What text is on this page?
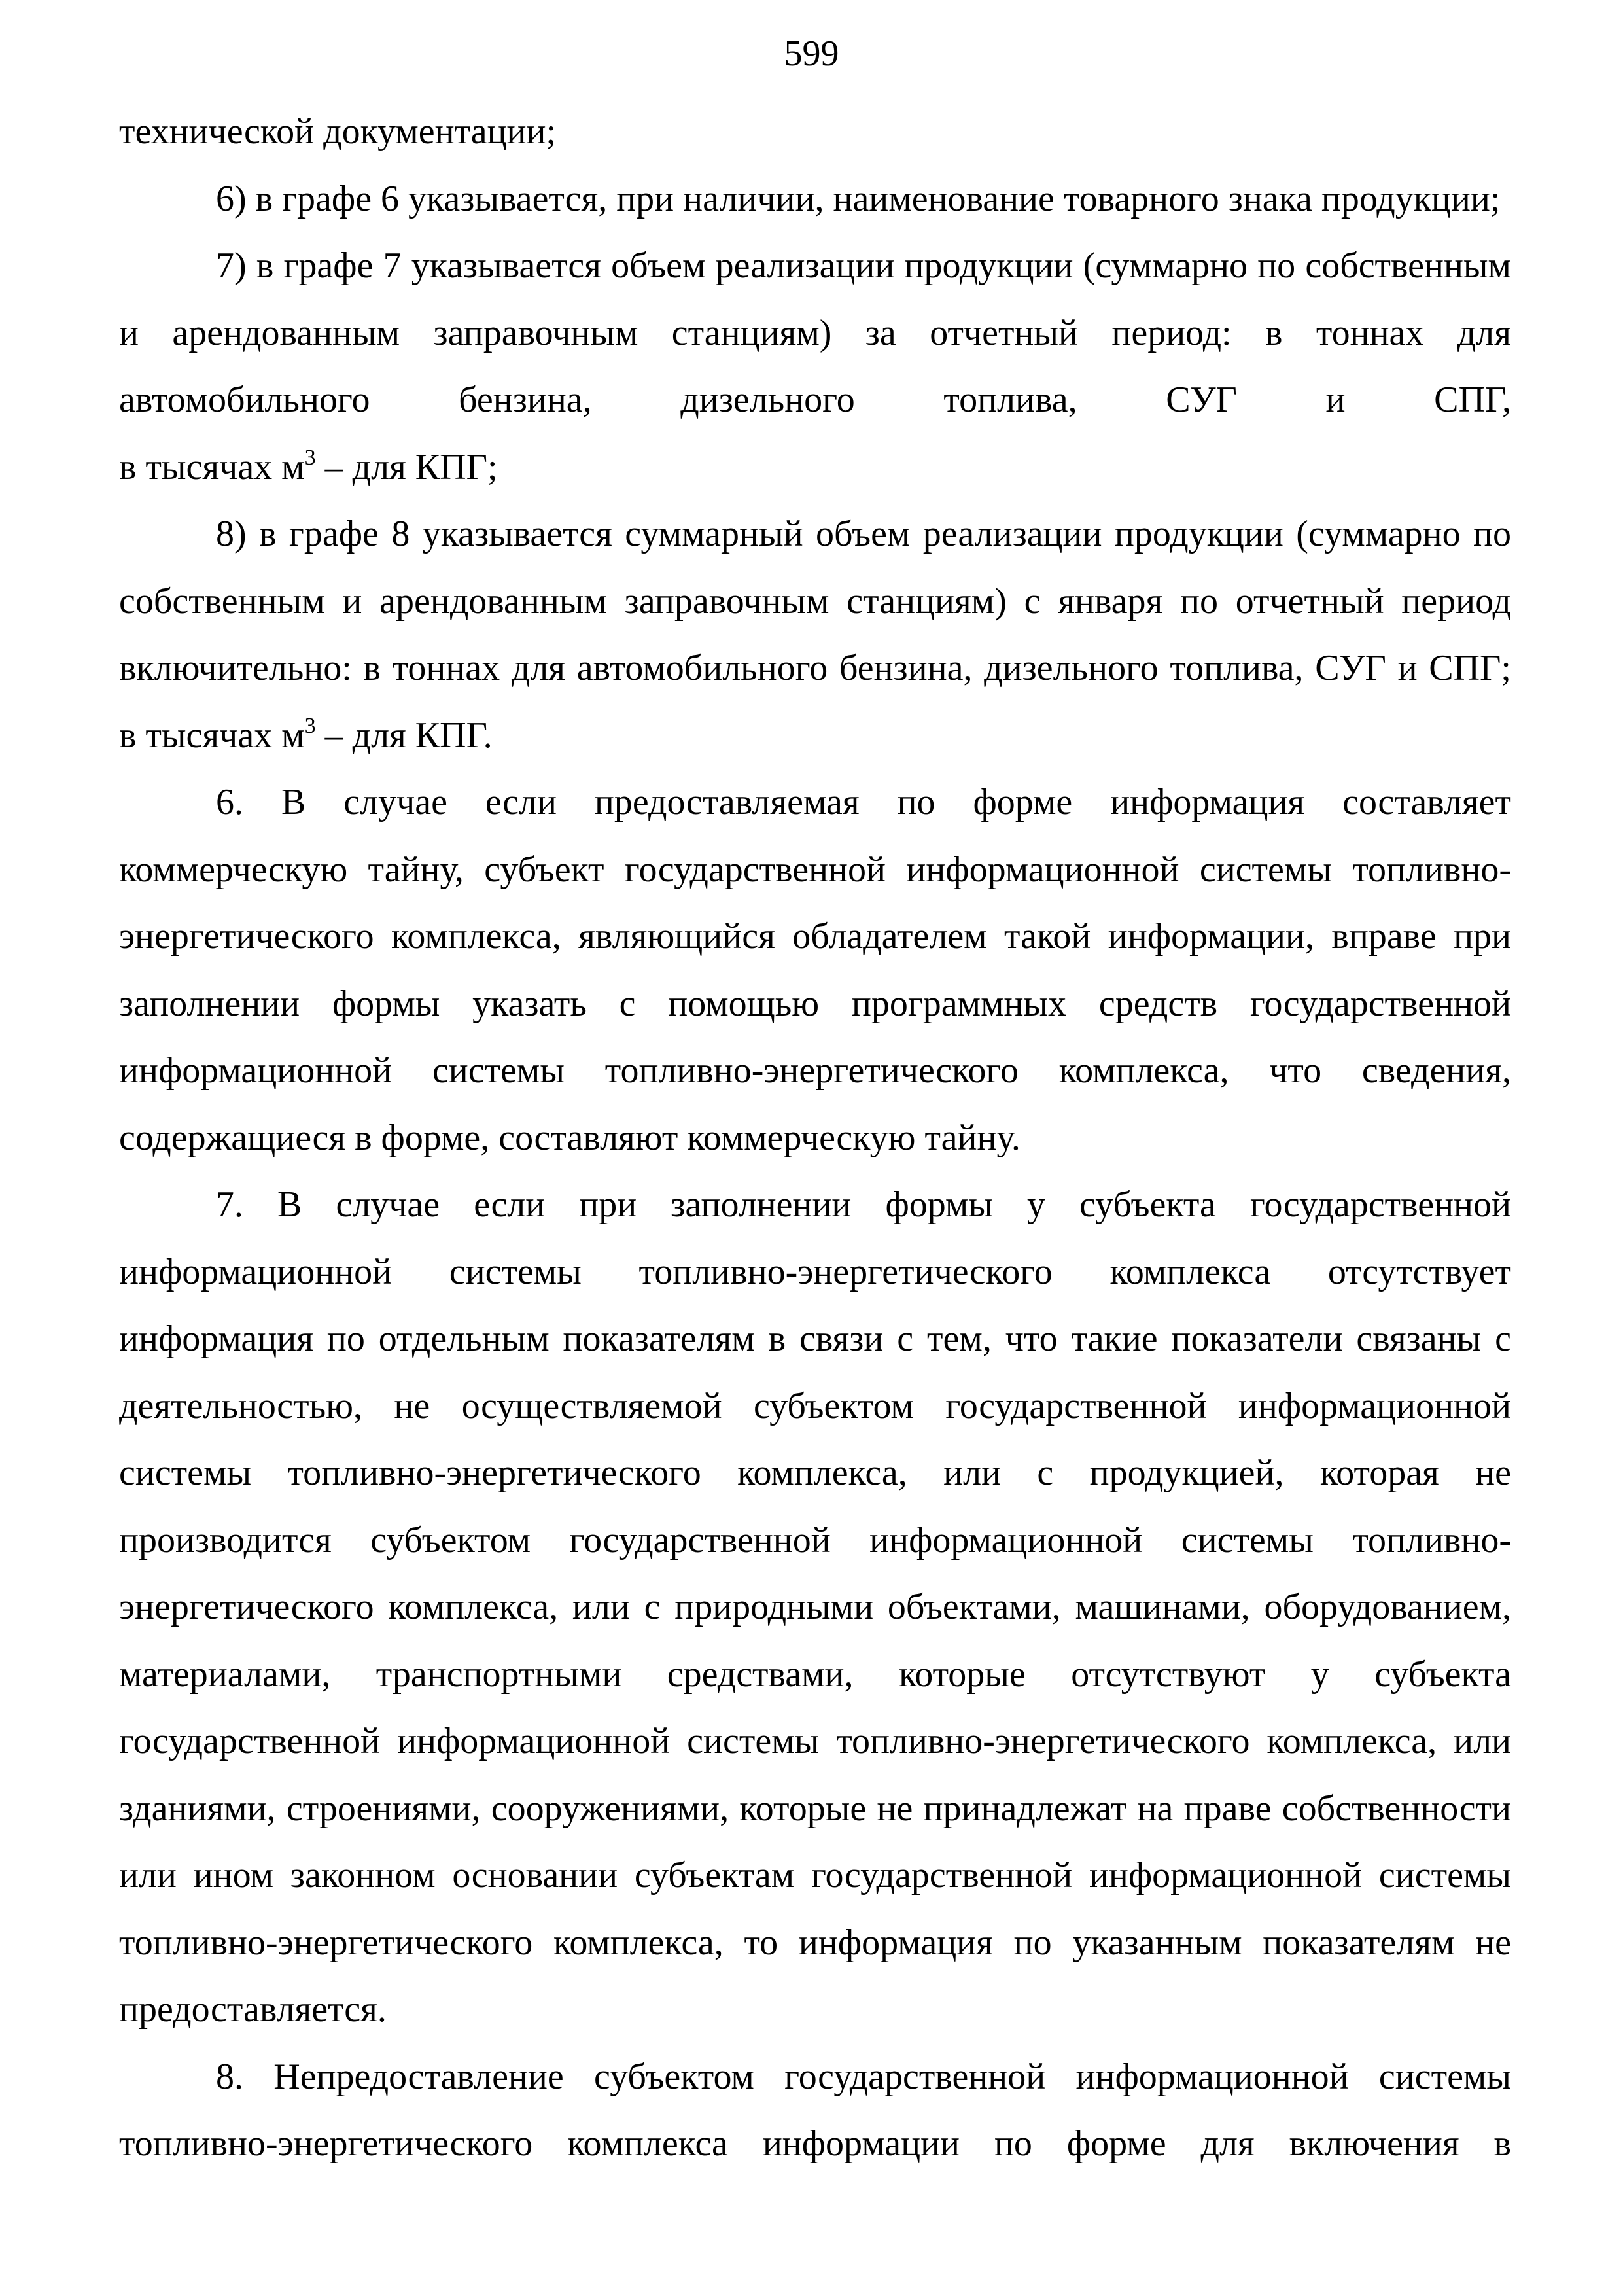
599

технической документации;

6) в графе 6 указывается, при наличии, наименование товарного знака продукции;

7) в графе 7 указывается объем реализации продукции (суммарно по собственным и арендованным заправочным станциям) за отчетный период: в тоннах для автомобильного бензина, дизельного топлива, СУГ и СПГ,
в тысячах $м^3$ – для КПГ;

8) в графе 8 указывается суммарный объем реализации продукции (суммарно по собственным и арендованным заправочным станциям) с января по отчетный период включительно: в тоннах для автомобильного бензина, дизельного топлива, СУГ и СПГ; в тысячах $м^3$ – для КПГ.

6. В случае если предоставляемая по форме информация составляет коммерческую тайну, субъект государственной информационной системы топливно-энергетического комплекса, являющийся обладателем такой информации, вправе при заполнении формы указать с помощью программных средств государственной информационной системы топливно-энергетического комплекса, что сведения, содержащиеся в форме, составляют коммерческую тайну.

7. В случае если при заполнении формы у субъекта государственной информационной системы топливно-энергетического комплекса отсутствует информация по отдельным показателям в связи с тем, что такие показатели связаны с деятельностью, не осуществляемой субъектом государственной информационной системы топливно-энергетического комплекса, или с продукцией, которая не производится субъектом государственной информационной системы топливно-энергетического комплекса, или с природными объектами, машинами, оборудованием, материалами, транспортными средствами, которые отсутствуют у субъекта государственной информационной системы топливно-энергетического комплекса, или зданиями, строениями, сооружениями, которые не принадлежат на праве собственности или ином законном основании субъектам государственной информационной системы топливно-энергетического комплекса, то информация по указанным показателям не предоставляется.

8. Непредоставление субъектом государственной информационной системы топливно-энергетического комплекса информации по форме для включения в
